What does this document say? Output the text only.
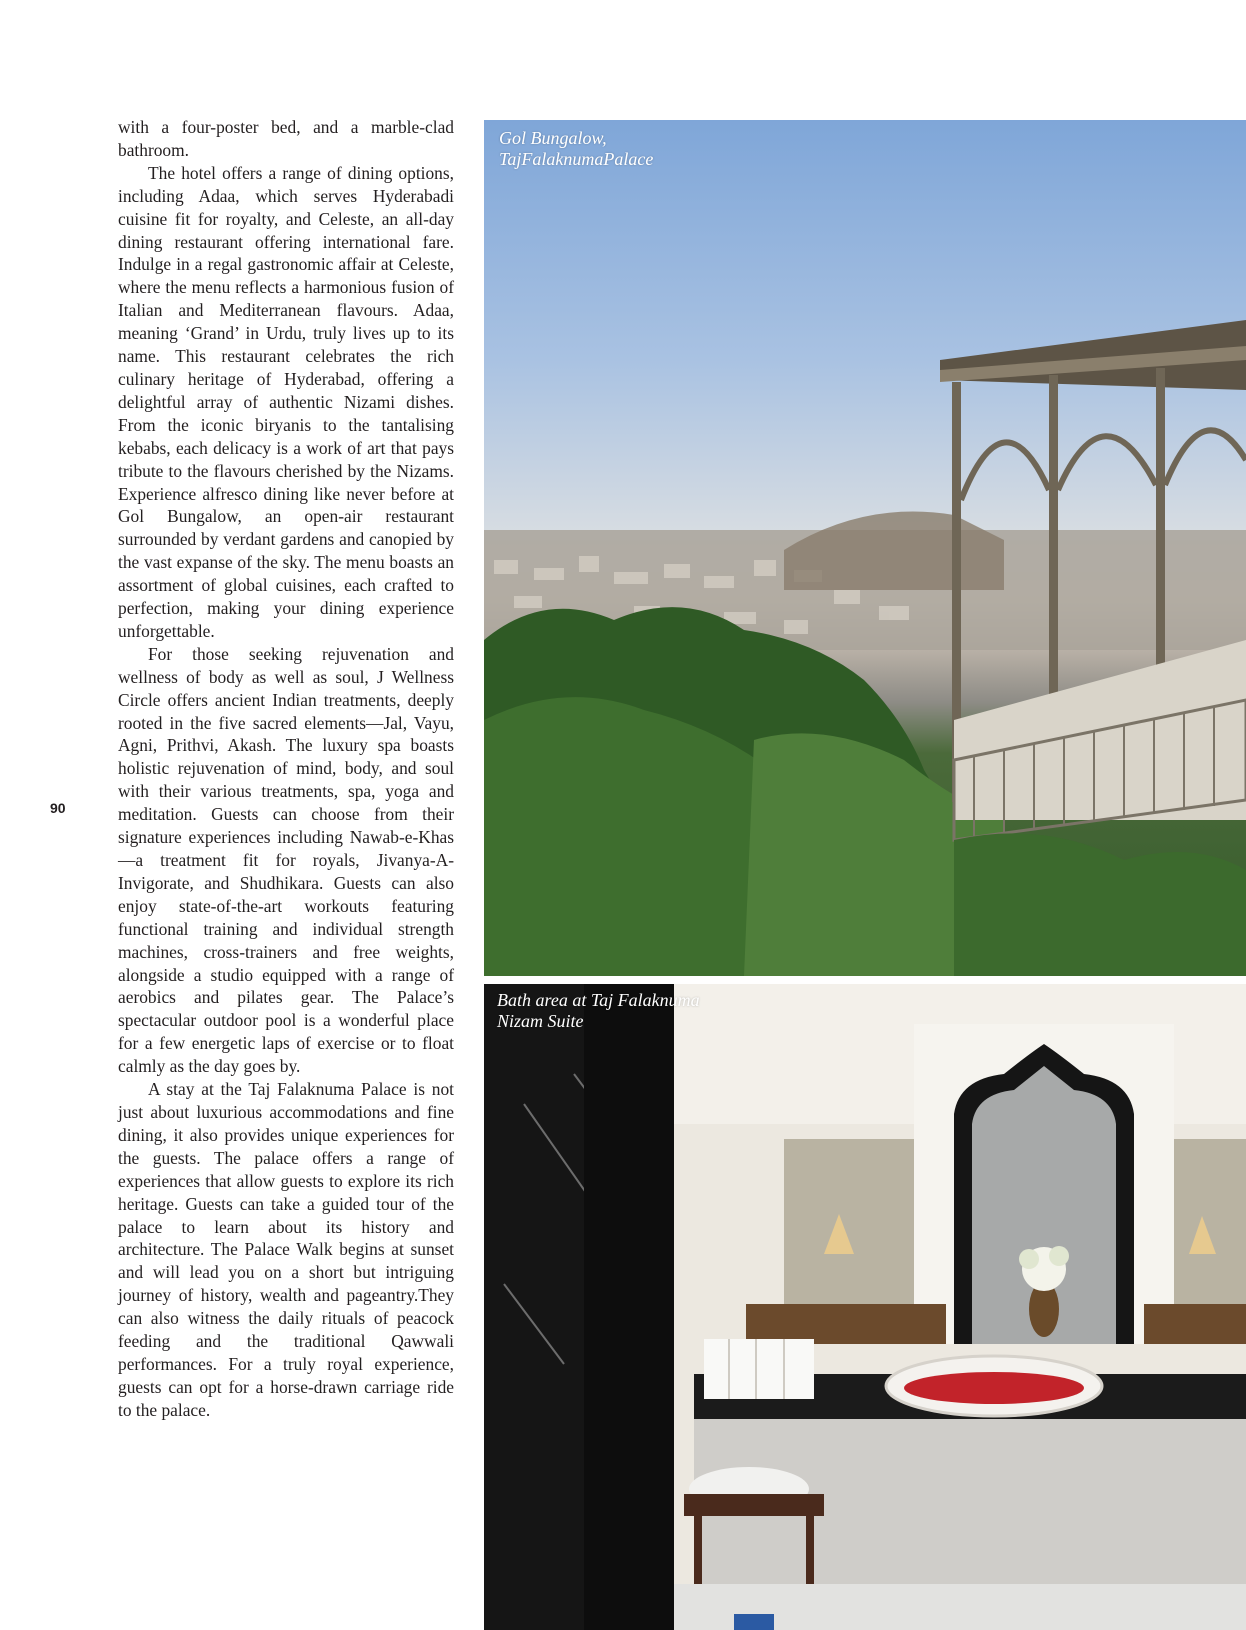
90

with a four-poster bed, and a marble-clad bathroom.

The hotel offers a range of dining options, including Adaa, which serves Hyderabadi cuisine fit for royalty, and Celeste, an all-day dining restaurant offering international fare. Indulge in a regal gastronomic affair at Celeste, where the menu reflects a harmonious fusion of Italian and Mediterranean flavours. Adaa, meaning ‘Grand’ in Urdu, truly lives up to its name. This restaurant celebrates the rich culinary heritage of Hyderabad, offering a delightful array of authentic Nizami dishes. From the iconic biryanis to the tantalising kebabs, each delicacy is a work of art that pays tribute to the flavours cherished by the Nizams. Experience alfresco dining like never before at Gol Bungalow, an open-air restaurant surrounded by verdant gardens and canopied by the vast expanse of the sky. The menu boasts an assortment of global cuisines, each crafted to perfection, making your dining experience unforgettable.

For those seeking rejuvenation and wellness of body as well as soul, J Wellness Circle offers ancient Indian treatments, deeply rooted in the five sacred elements—Jal, Vayu, Agni, Prithvi, Akash. The luxury spa boasts holistic rejuvenation of mind, body, and soul with their various treatments, spa, yoga and meditation. Guests can choose from their signature experiences including Nawab-e-Khas—a treatment fit for royals, Jivanya-A-Invigorate, and Shudhikara. Guests can also enjoy state-of-the-art workouts featuring functional training and individual strength machines, cross-trainers and free weights, alongside a studio equipped with a range of aerobics and pilates gear. The Palace’s spectacular outdoor pool is a wonderful place for a few energetic laps of exercise or to float calmly as the day goes by.

A stay at the Taj Falaknuma Palace is not just about luxurious accommodations and fine dining, it also provides unique experiences for the guests. The palace offers a range of experiences that allow guests to explore its rich heritage. Guests can take a guided tour of the palace to learn about its history and architecture. The Palace Walk begins at sunset and will lead you on a short but intriguing journey of history, wealth and pageantry.They can also witness the daily rituals of peacock feeding and the traditional Qawwali performances. For a truly royal experience, guests can opt for a horse-drawn carriage ride to the palace.

Gol Bungalow,
TajFalaknumaPalace
Bath area at Taj Falaknuma
Nizam Suite
